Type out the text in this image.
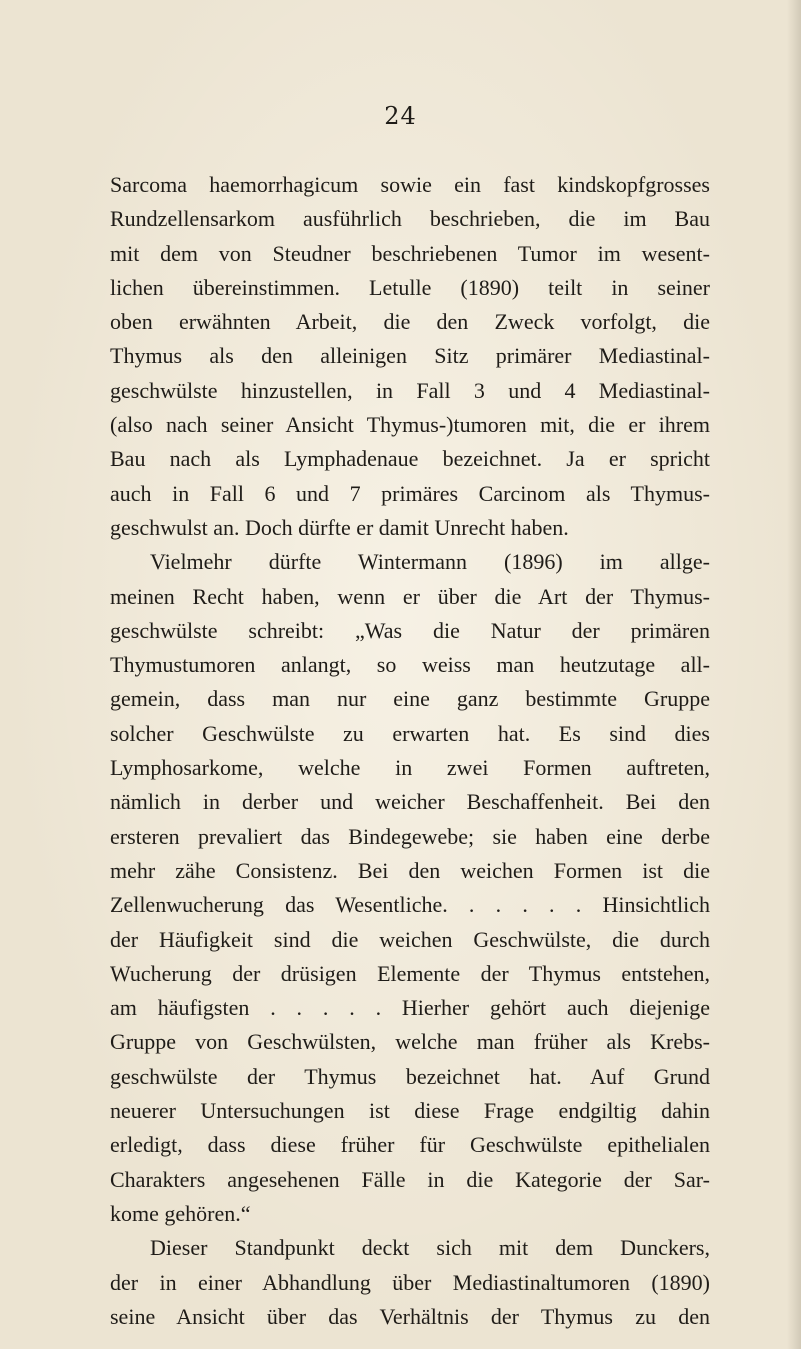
24
Sarcoma haemorrhagicum sowie ein fast kindskopfgrosses
Rundzellensarkom ausführlich beschrieben, die im Bau
mit dem von Steudner beschriebenen Tumor im wesent-
lichen übereinstimmen. Letulle (1890) teilt in seiner
oben erwähnten Arbeit, die den Zweck vorfolgt, die
Thymus als den alleinigen Sitz primärer Mediastinal-
geschwülste hinzustellen, in Fall 3 und 4 Mediastinal-
(also nach seiner Ansicht Thymus-)tumoren mit, die er ihrem
Bau nach als Lymphadenaue bezeichnet. Ja er spricht
auch in Fall 6 und 7 primäres Carcinom als Thymus-
geschwulst an. Doch dürfte er damit Unrecht haben.
Vielmehr dürfte Wintermann (1896) im allge-
meinen Recht haben, wenn er über die Art der Thymus-
geschwülste schreibt: „Was die Natur der primären
Thymustumoren anlangt, so weiss man heutzutage all-
gemein, dass man nur eine ganz bestimmte Gruppe
solcher Geschwülste zu erwarten hat. Es sind dies
Lymphosarkome, welche in zwei Formen auftreten,
nämlich in derber und weicher Beschaffenheit. Bei den
ersteren prevaliert das Bindegewebe; sie haben eine derbe
mehr zähe Consistenz. Bei den weichen Formen ist die
Zellenwucherung das Wesentliche. . . . . . Hinsichtlich
der Häufigkeit sind die weichen Geschwülste, die durch
Wucherung der drüsigen Elemente der Thymus entstehen,
am häufigsten . . . . . Hierher gehört auch diejenige
Gruppe von Geschwülsten, welche man früher als Krebs-
geschwülste der Thymus bezeichnet hat. Auf Grund
neuerer Untersuchungen ist diese Frage endgiltig dahin
erledigt, dass diese früher für Geschwülste epithelialen
Charakters angesehenen Fälle in die Kategorie der Sar-
kome gehören.“
Dieser Standpunkt deckt sich mit dem Dunckers,
der in einer Abhandlung über Mediastinaltumoren (1890)
seine Ansicht über das Verhältnis der Thymus zu den
